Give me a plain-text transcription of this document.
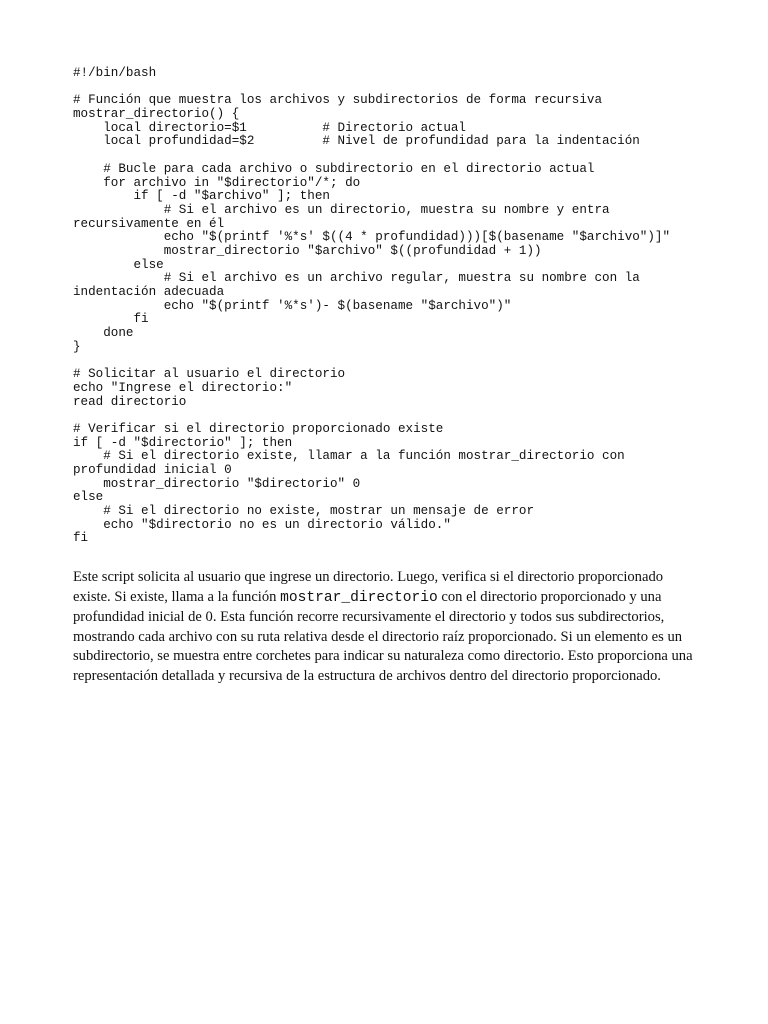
#!/bin/bash
# Función que muestra los archivos y subdirectorios de forma recursiva
mostrar_directorio() {
local directorio=$1          # Directorio actual
local profundidad=$2         # Nivel de profundidad para la indentación
# Bucle para cada archivo o subdirectorio en el directorio actual
for archivo in "$directorio"/*; do
if [ -d "$archivo" ]; then
# Si el archivo es un directorio, muestra su nombre y entra
recursivamente en él
echo "$(printf '%*s' $((4 * profundidad)))[$(basename "$archivo")]"
mostrar_directorio "$archivo" $((profundidad + 1))
else
# Si el archivo es un archivo regular, muestra su nombre con la
indentación adecuada
echo "$(printf '%*s')- $(basename "$archivo")"
fi
done
}
# Solicitar al usuario el directorio
echo "Ingrese el directorio:"
read directorio
# Verificar si el directorio proporcionado existe
if [ -d "$directorio" ]; then
# Si el directorio existe, llamar a la función mostrar_directorio con
profundidad inicial 0
mostrar_directorio "$directorio" 0
else
# Si el directorio no existe, mostrar un mensaje de error
echo "$directorio no es un directorio válido."
fi

Este script solicita al usuario que ingrese un directorio. Luego, verifica si el directorio proporcionado existe. Si existe, llama a la función mostrar_directorio con el directorio proporcionado y una profundidad inicial de 0. Esta función recorre recursivamente el directorio y todos sus subdirectorios, mostrando cada archivo con su ruta relativa desde el directorio raíz proporcionado. Si un elemento es un subdirectorio, se muestra entre corchetes para indicar su naturaleza como directorio. Esto proporciona una representación detallada y recursiva de la estructura de archivos dentro del directorio proporcionado.
